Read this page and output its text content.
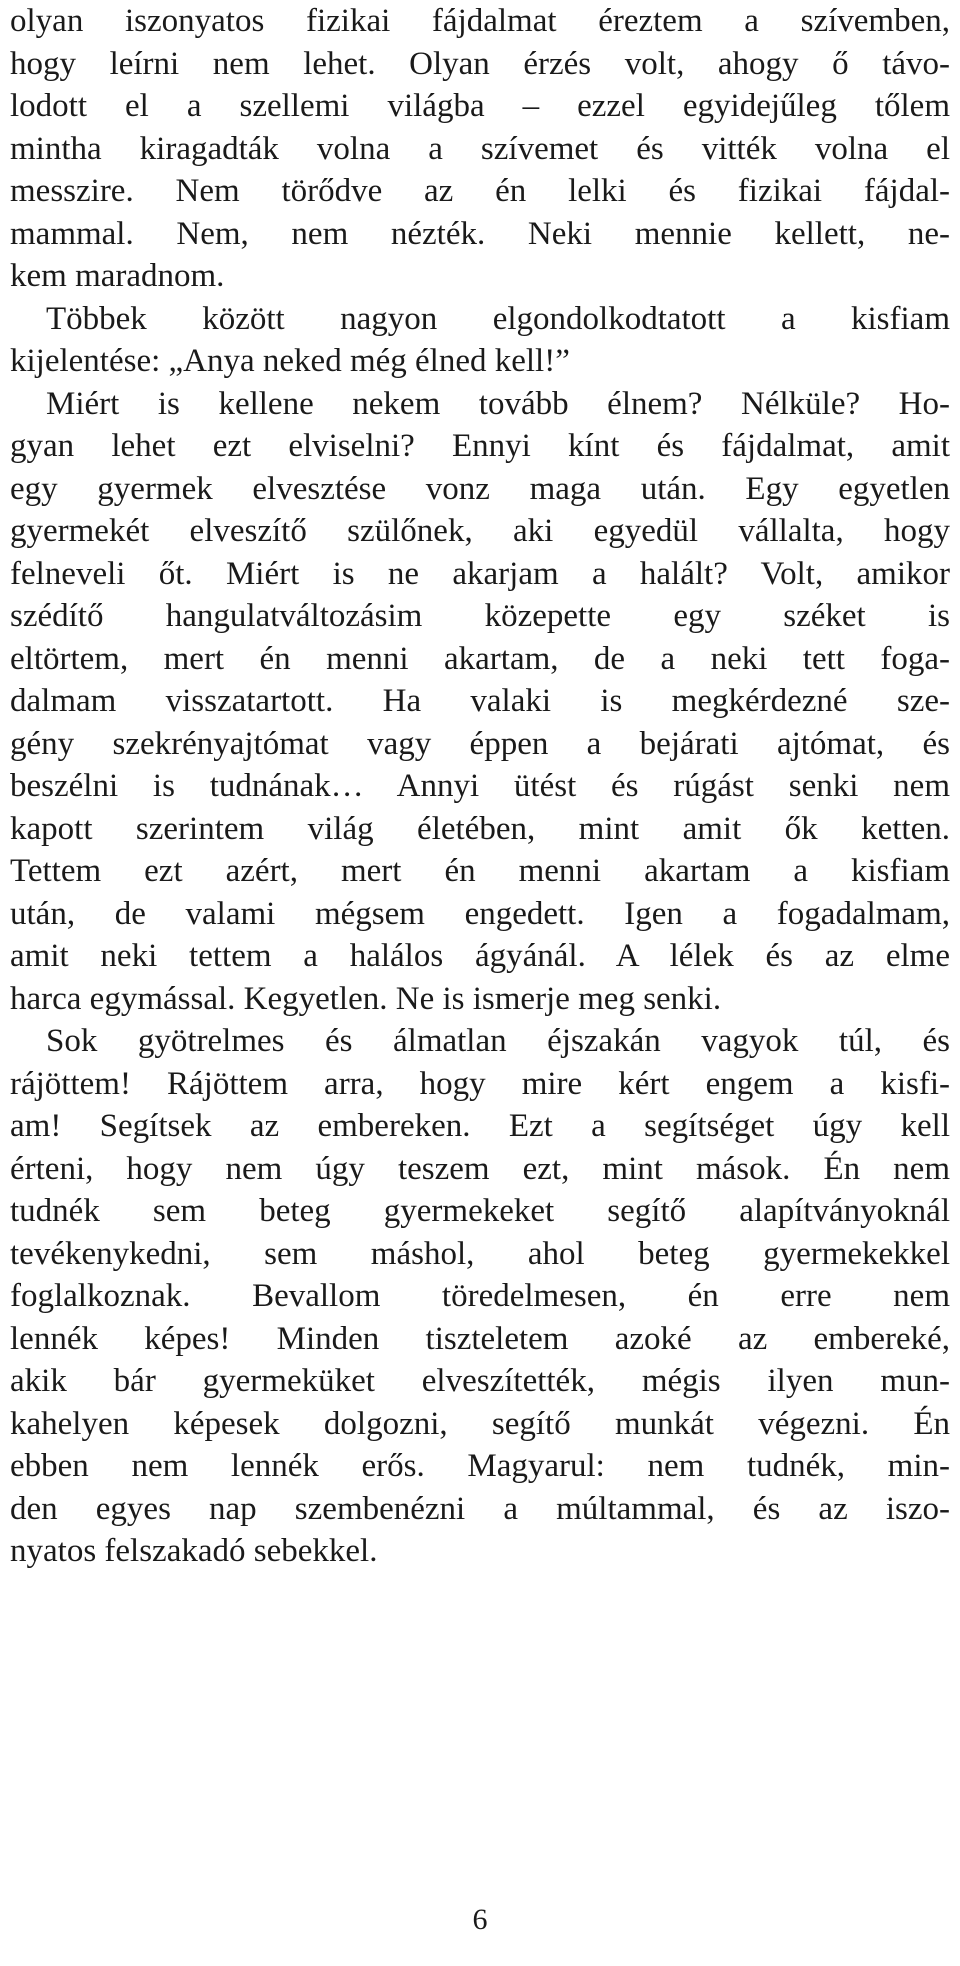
olyan iszonyatos fizikai fájdalmat éreztem a szívemben,
hogy leírni nem lehet. Olyan érzés volt, ahogy ő távo-
lodott el a szellemi világba – ezzel egyidejűleg tőlem
mintha kiragadták volna a szívemet és vitték volna el
messzire. Nem törődve az én lelki és fizikai fájdal-
mammal. Nem, nem nézték. Neki mennie kellett, ne-
kem maradnom.
Többek között nagyon elgondolkodtatott a kisfiam
kijelentése: „Anya neked még élned kell!”
Miért is kellene nekem tovább élnem? Nélküle? Ho-
gyan lehet ezt elviselni? Ennyi kínt és fájdalmat, amit
egy gyermek elvesztése vonz maga után. Egy egyetlen
gyermekét elveszítő szülőnek, aki egyedül vállalta, hogy
felneveli őt. Miért is ne akarjam a halált? Volt, amikor
szédítő hangulatváltozásim közepette egy széket is
eltörtem, mert én menni akartam, de a neki tett foga-
dalmam visszatartott. Ha valaki is megkérdezné sze-
gény szekrényajtómat vagy éppen a bejárati ajtómat, és
beszélni is tudnának… Annyi ütést és rúgást senki nem
kapott szerintem világ életében, mint amit ők ketten.
Tettem ezt azért, mert én menni akartam a kisfiam
után, de valami mégsem engedett. Igen a fogadalmam,
amit neki tettem a halálos ágyánál. A lélek és az elme
harca egymással. Kegyetlen. Ne is ismerje meg senki.
Sok gyötrelmes és álmatlan éjszakán vagyok túl, és
rájöttem! Rájöttem arra, hogy mire kért engem a kisfi-
am! Segítsek az embereken. Ezt a segítséget úgy kell
érteni, hogy nem úgy teszem ezt, mint mások. Én nem
tudnék sem beteg gyermekeket segítő alapítványoknál
tevékenykedni, sem máshol, ahol beteg gyermekekkel
foglalkoznak. Bevallom töredelmesen, én erre nem
lennék képes! Minden tiszteletem azoké az embereké,
akik bár gyermeküket elveszítették, mégis ilyen mun-
kahelyen képesek dolgozni, segítő munkát végezni. Én
ebben nem lennék erős. Magyarul: nem tudnék, min-
den egyes nap szembenézni a múltammal, és az iszo-
nyatos felszakadó sebekkel.
6
